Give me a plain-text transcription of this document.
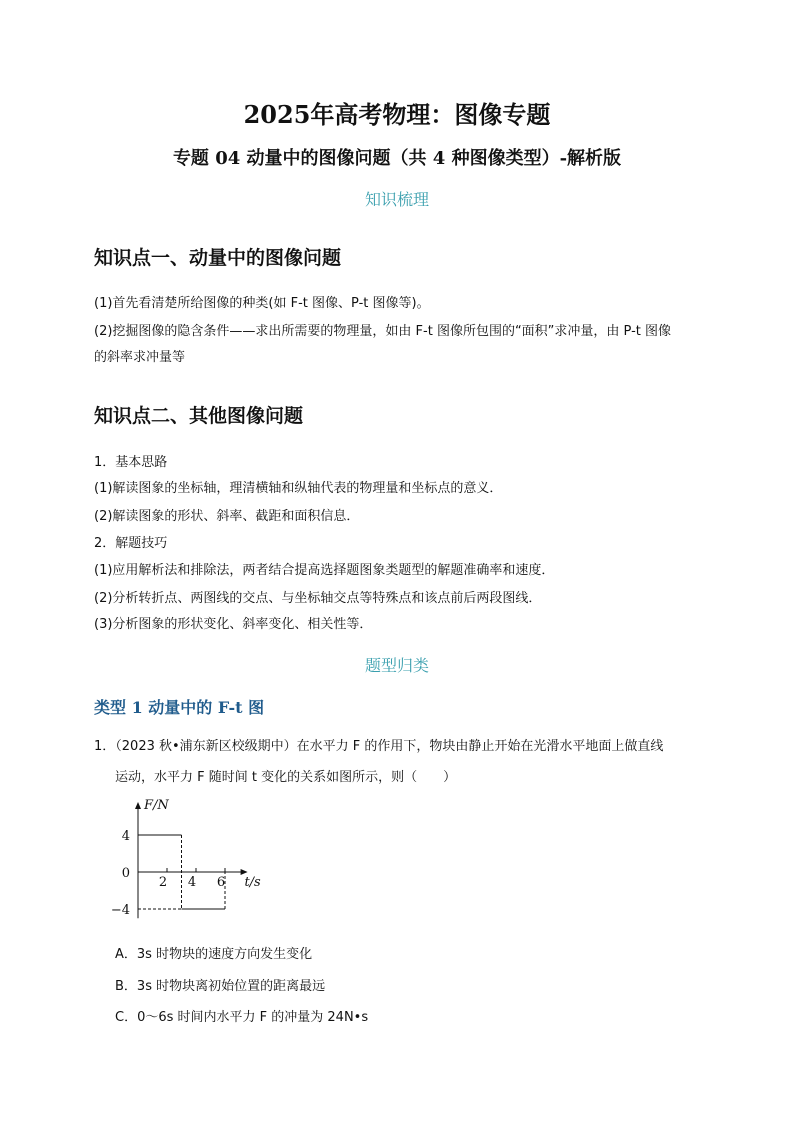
2025年高考物理：图像专题
专题 04 动量中的图像问题（共 4 种图像类型）-解析版
知识梳理
知识点一、动量中的图像问题
(1)首先看清楚所给图像的种类(如 F-t 图像、P-t 图像等)。
(2)挖掘图像的隐含条件——求出所需要的物理量，如由 F-t 图像所包围的“面积”求冲量，由 P-t 图像
的斜率求冲量等
知识点二、其他图像问题
1．基本思路
(1)解读图象的坐标轴，理清横轴和纵轴代表的物理量和坐标点的意义．
(2)解读图象的形状、斜率、截距和面积信息．
2．解题技巧
(1)应用解析法和排除法，两者结合提高选择题图象类题型的解题准确率和速度．
(2)分析转折点、两图线的交点、与坐标轴交点等特殊点和该点前后两段图线．
(3)分析图象的形状变化、斜率变化、相关性等．
题型归类
类型 1 动量中的 F-t 图
1．（2023 秋•浦东新区校级期中）在水平力 F 的作用下，物块由静止开始在光滑水平地面上做直线
运动，水平力 F 随时间 t 变化的关系如图所示，则（　　）
F/N
t/s
2 4 6
4
0
−4
A．3s 时物块的速度方向发生变化
B．3s 时物块离初始位置的距离最远
C．0～6s 时间内水平力 F 的冲量为 24N•s
